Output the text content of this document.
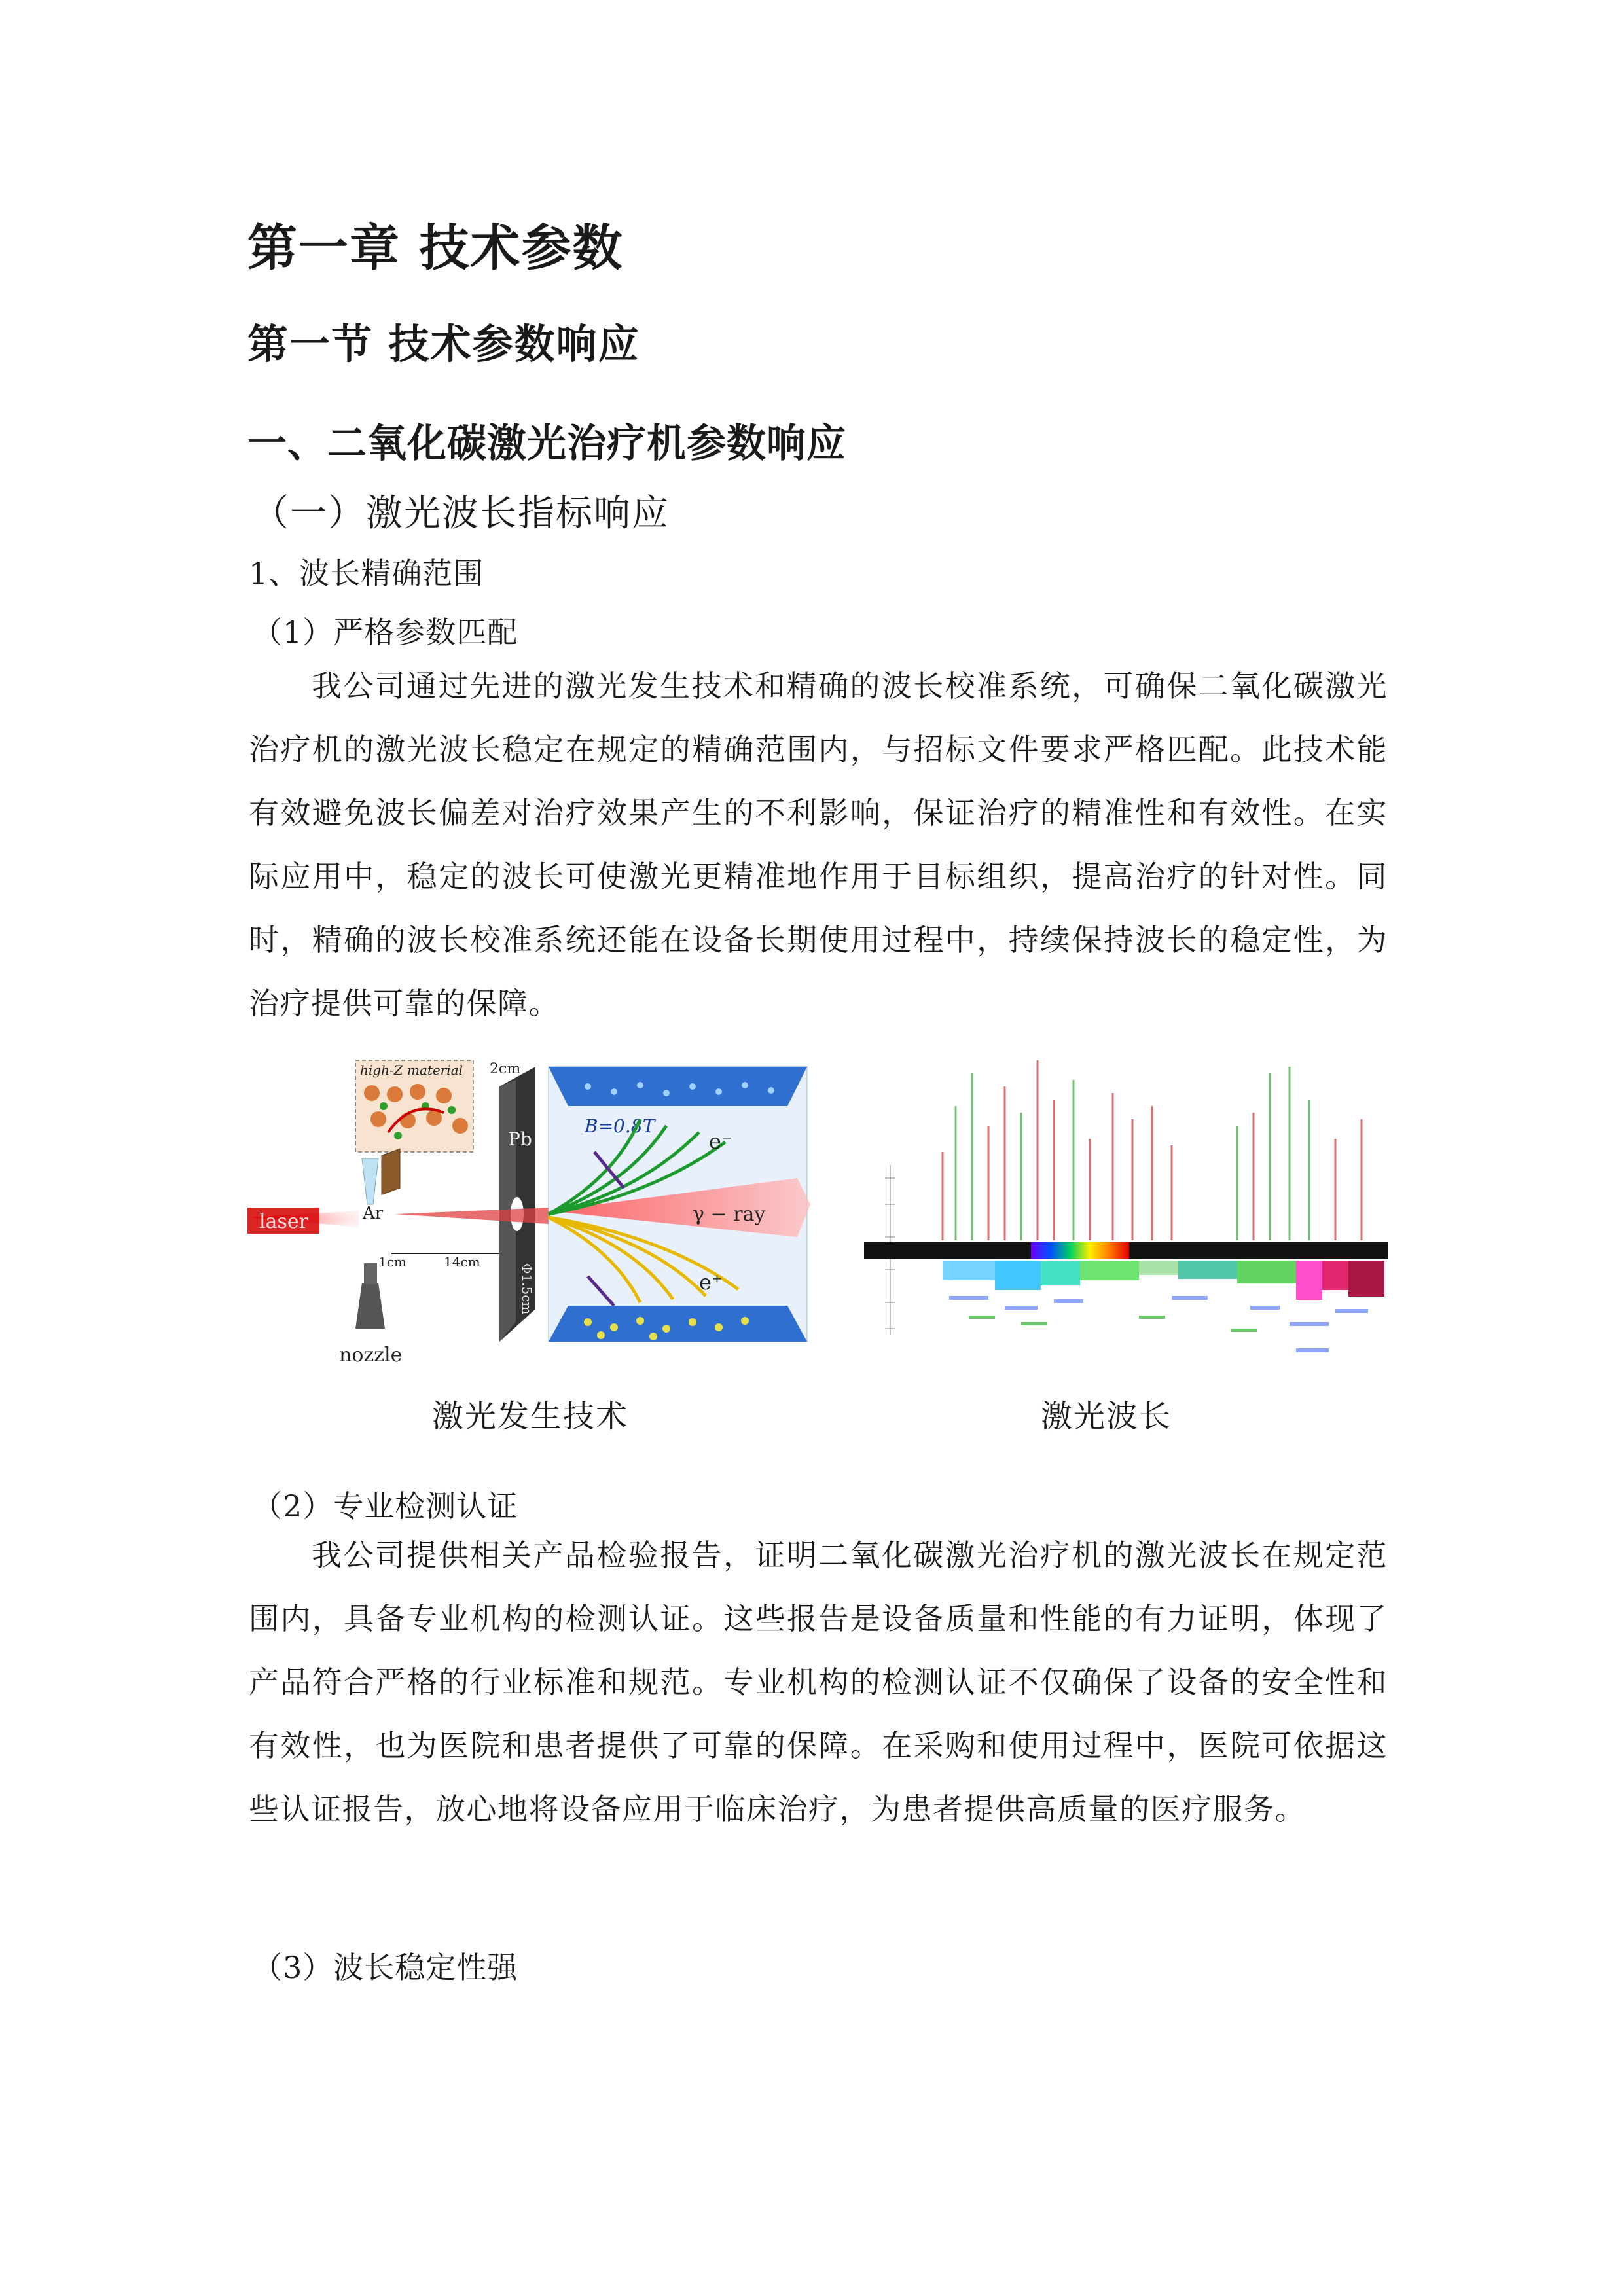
第一章 技术参数
第一节 技术参数响应
一、二氧化碳激光治疗机参数响应
（一）激光波长指标响应
1、波长精确范围
（1）严格参数匹配

我公司通过先进的激光发生技术和精确的波长校准系统，可确保二氧化碳激光治疗机的激光波长稳定在规定的精确范围内，与招标文件要求严格匹配。此技术能有效避免波长偏差对治疗效果产生的不利影响，保证治疗的精准性和有效性。在实际应用中，稳定的波长可使激光更精准地作用于目标组织，提高治疗的针对性。同时，精确的波长校准系统还能在设备长期使用过程中，持续保持波长的稳定性，为治疗提供可靠的保障。

laser
high-Z material 2cm
Ar
nozzle
1cm	14cm
Pb
Φ1.5cm
B=0.8T
γ − ray
e⁻
e⁺
激光发生技术	激光波长
（2）专业检测认证

我公司提供相关产品检验报告，证明二氧化碳激光治疗机的激光波长在规定范围内，具备专业机构的检测认证。这些报告是设备质量和性能的有力证明，体现了产品符合严格的行业标准和规范。专业机构的检测认证不仅确保了设备的安全性和有效性，也为医院和患者提供了可靠的保障。在采购和使用过程中，医院可依据这些认证报告，放心地将设备应用于临床治疗，为患者提供高质量的医疗服务。

（3）波长稳定性强
